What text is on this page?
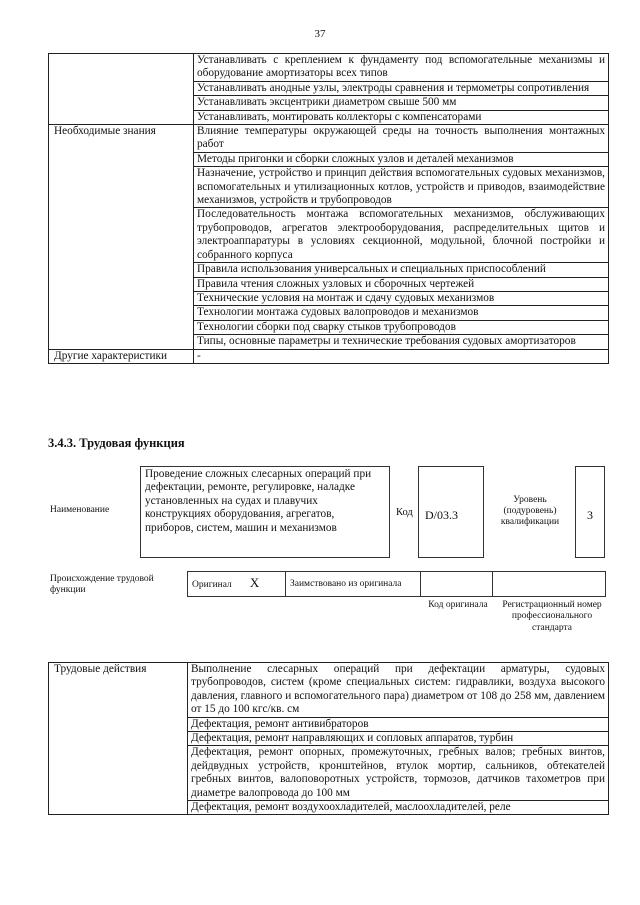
37
	Устанавливать с креплением к фундаменту под вспомогательные механизмы и оборудование амортизаторы всех типов
	Устанавливать анодные узлы, электроды сравнения и термометры сопротивления
	Устанавливать эксцентрики диаметром свыше 500 мм
	Устанавливать, монтировать коллекторы с компенсаторами
Необходимые знания	Влияние температуры окружающей среды на точность выполнения монтажных работ
	Методы пригонки и сборки сложных узлов и деталей механизмов
	Назначение, устройство и принцип действия вспомогательных судовых механизмов, вспомогательных и утилизационных котлов, устройств и приводов, взаимодействие механизмов, устройств и трубопроводов
	Последовательность монтажа вспомогательных механизмов, обслуживающих трубопроводов, агрегатов электрооборудования, распределительных щитов и электроаппаратуры в условиях секционной, модульной, блочной постройки и собранного корпуса
	Правила использования универсальных и специальных приспособлений
	Правила чтения сложных узловых и сборочных чертежей
	Технические условия на монтаж и сдачу судовых механизмов
	Технологии монтажа судовых валопроводов и механизмов
	Технологии сборки под сварку стыков трубопроводов
	Типы, основные параметры и технические требования судовых амортизаторов
Другие характеристики	-
3.4.3. Трудовая функция
Наименование
Проведение сложных слесарных операций при дефектации, ремонте, регулировке, наладке установленных на судах и плавучих конструкциях оборудования, агрегатов, приборов, систем, машин и механизмов
Код D/03.3
Уровень (подуровень) квалификации	3
Происхождение трудовой функции	Оригинал X	Заимствовано из оригинала		
Код оригинала	Регистрационный номер профессионального стандарта
Трудовые действия	Выполнение слесарных операций при дефектации арматуры, судовых трубопроводов, систем (кроме специальных систем: гидравлики, воздуха высокого давления, главного и вспомогательного пара) диаметром от 108 до 258 мм, давлением от 15 до 100 кгс/кв. см
Дефектация, ремонт антивибраторов
Дефектация, ремонт направляющих и сопловых аппаратов, турбин
Дефектация, ремонт опорных, промежуточных, гребных валов; гребных винтов, дейдвудных устройств, кронштейнов, втулок мортир, сальников, обтекателей гребных винтов, валоповоротных устройств, тормозов, датчиков тахометров при диаметре валопровода до 100 мм
Дефектация, ремонт воздухоохладителей, маслоохладителей, реле
